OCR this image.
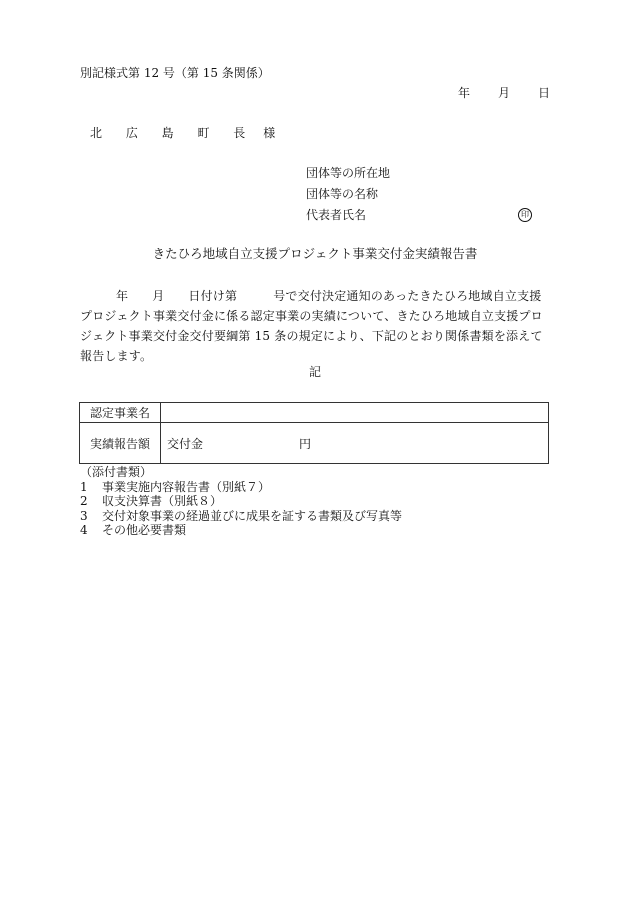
別記様式第 12 号（第 15 条関係）
年 月 日
北 広 島 町 長 様
団体等の所在地
団体等の名称
代表者氏名	印
きたひろ地域自立支援プロジェクト事業交付金実績報告書
年 月 日付け第	号で交付決定通知のあったきたひろ地域自立支援プロジェクト事業交付金に係る認定事業の実績について、きたひろ地域自立支援プロジェクト事業交付金交付要綱第 15 条の規定により、下記のとおり関係書類を添えて報告します。
記
認定事業名	
実績報告額	交付金 円
（添付書類）
1 事業実施内容報告書（別紙７）
2 収支決算書（別紙８）
3 交付対象事業の経過並びに成果を証する書類及び写真等
4 その他必要書類
